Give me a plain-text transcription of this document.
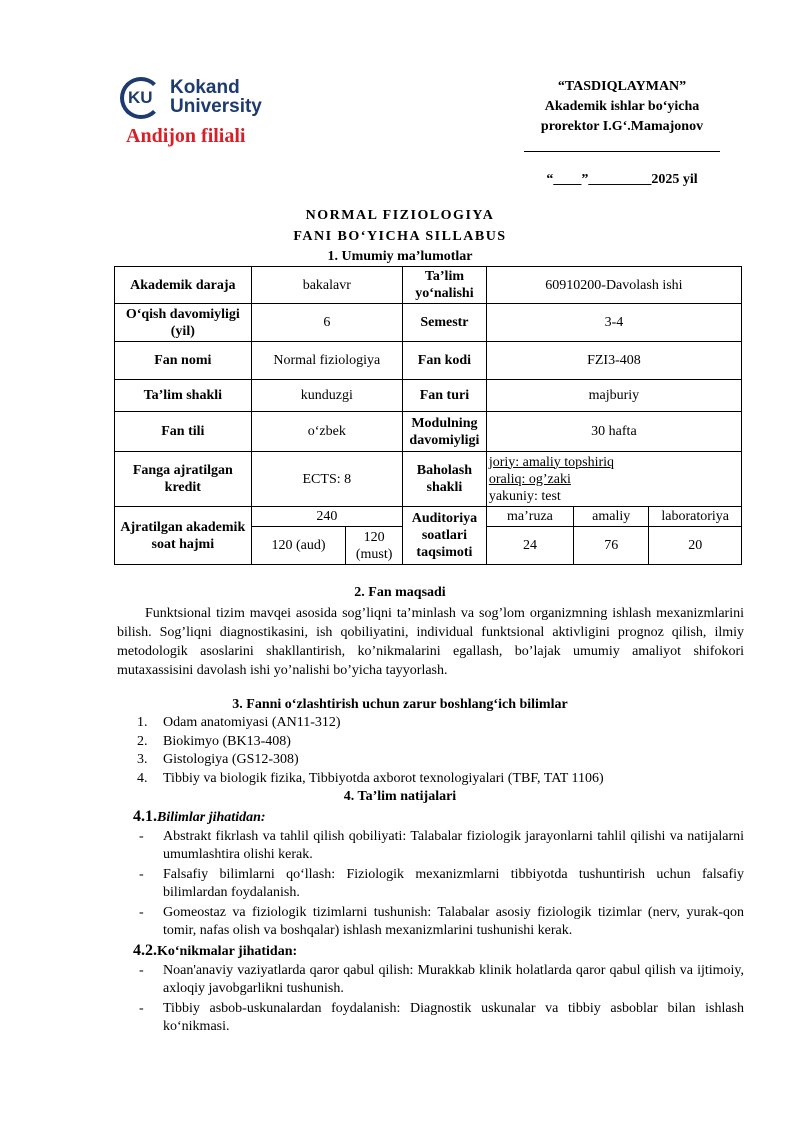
KU Kokand
University
Andijon filiali
“TASDIQLAYMAN”
Akademik ishlar bo‘yicha
prorektor I.G‘.Mamajonov
“____”_________2025 yil
NORMAL FIZIOLOGIYA
FANI BO‘YICHA SILLABUS
1. Umumiy ma’lumotlar
Akademik daraja	bakalavr		Ta’lim yo‘nalishi	60910200-Davolash ishi		
O‘qish davomiyligi (yil)	6		Semestr	3-4		
Fan nomi	Normal fiziologiya		Fan kodi	FZI3-408		
Ta’lim shakli	kunduzgi		Fan turi	majburiy		
Fan tili	o‘zbek		Modulning davomiyligi	30 hafta		
Fanga ajratilgan kredit	ECTS: 8		Baholash shakli	joriy: amaliy topshiriq
oraliq: og’zaki
yakuniy: test		

Ajratilgan akademik soat hajmi	240		Auditoriya soatlari taqsimoti	ma’ruza	amaliy	laboratoriya
	120 (aud)	120 (must)		24	76	20
2. Fan maqsadi
Funktsional tizim mavqei asosida sog’liqni ta’minlash va sog’lom organizmning ishlash mexanizmlarini bilish. Sog’liqni diagnostikasini, ish qobiliyatini, individual funktsional aktivligini prognoz qilish, ilmiy metodologik asoslarini shakllantirish, ko’nikmalarini egallash, bo’lajak umumiy amaliyot shifokori mutaxassisini davolash ishi yo’nalishi bo’yicha tayyorlash.
3. Fanni o‘zlashtirish uchun zarur boshlang‘ich bilimlar
1. Odam anatomiyasi (AN11-312)
2. Biokimyo (BK13-408)
3. Gistologiya (GS12-308)
4. Tibbiy va biologik fizika, Tibbiyotda axborot texnologiyalari (TBF, TAT 1106)
4. Ta’lim natijalari
4.1.Bilimlar jihatidan:
- Abstrakt fikrlash va tahlil qilish qobiliyati: Talabalar fiziologik jarayonlarni tahlil qilishi va natijalarni umumlashtira olishi kerak.
- Falsafiy bilimlarni qo‘llash: Fiziologik mexanizmlarni tibbiyotda tushuntirish uchun falsafiy bilimlardan foydalanish.
- Gomeostaz va fiziologik tizimlarni tushunish: Talabalar asosiy fiziologik tizimlar (nerv, yurak-qon tomir, nafas olish va boshqalar) ishlash mexanizmlarini tushunishi kerak.
4.2.Ko‘nikmalar jihatidan:
- Noan'anaviy vaziyatlarda qaror qabul qilish: Murakkab klinik holatlarda qaror qabul qilish va ijtimoiy, axloqiy javobgarlikni tushunish.
- Tibbiy asbob-uskunalardan foydalanish: Diagnostik uskunalar va tibbiy asboblar bilan ishlash ko‘nikmasi.
